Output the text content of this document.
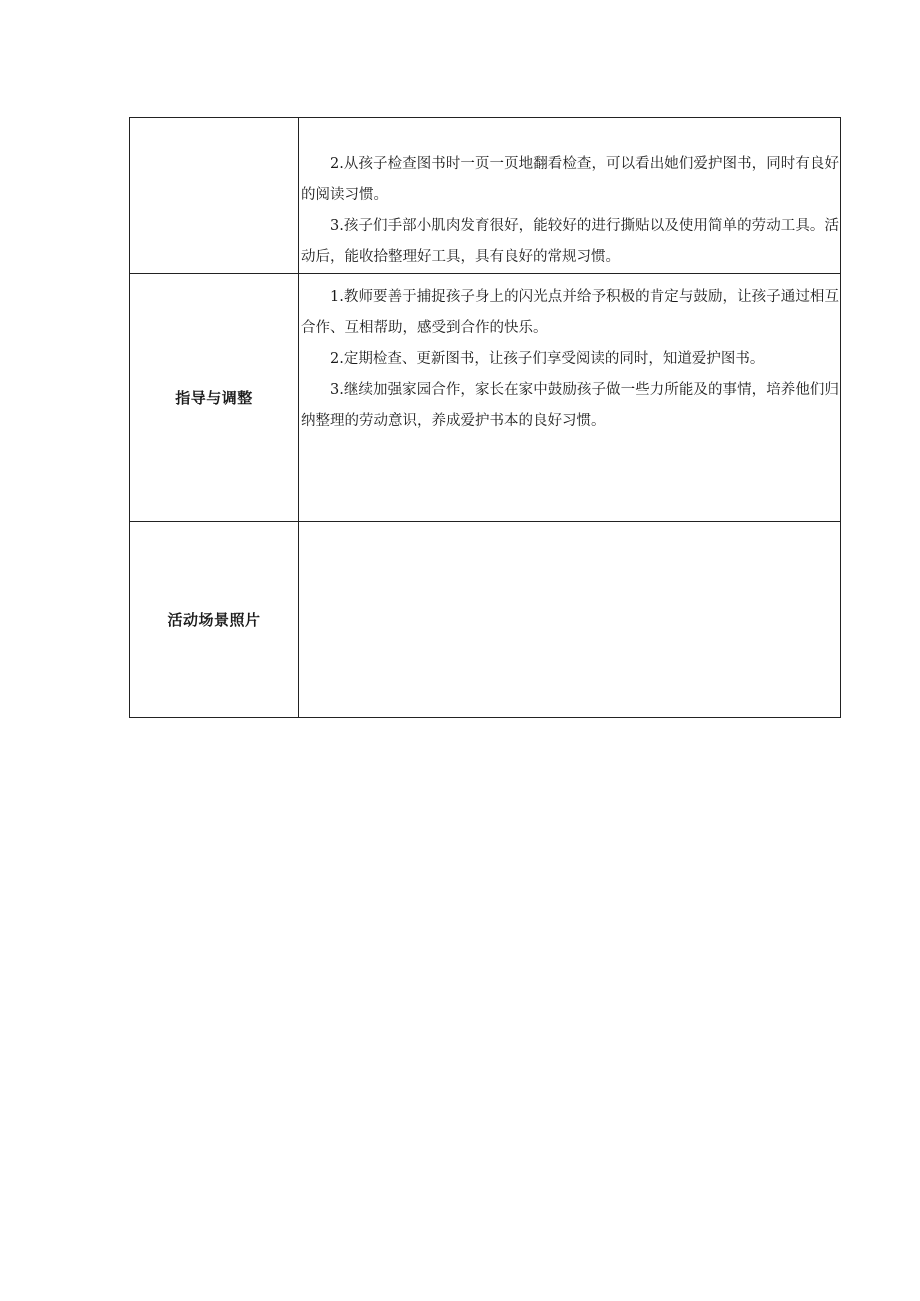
	2.从孩子检查图书时一页一页地翻看检查，可以看出她们爱护图书，同时有良好的阅读习惯。

3.孩子们手部小肌肉发育很好，能较好的进行撕贴以及使用简单的劳动工具。活动后，能收拾整理好工具，具有良好的常规习惯。

指导与调整	1.教师要善于捕捉孩子身上的闪光点并给予积极的肯定与鼓励，让孩子通过相互合作、互相帮助，感受到合作的快乐。

2.定期检查、更新图书，让孩子们享受阅读的同时，知道爱护图书。

3.继续加强家园合作，家长在家中鼓励孩子做一些力所能及的事情，培养他们归纳整理的劳动意识，养成爱护书本的良好习惯。

活动场景照片	
